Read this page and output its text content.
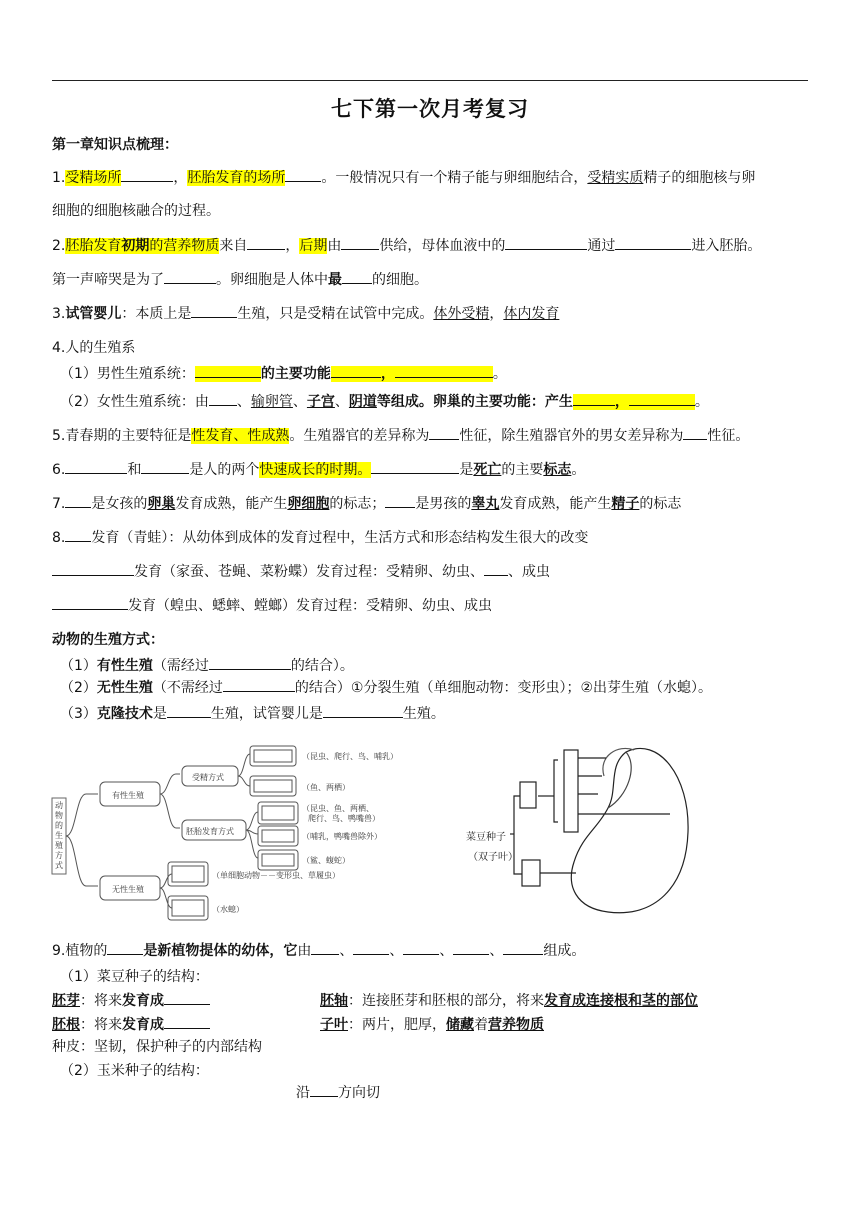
七下第一次月考复习
第一章知识点梳理：
1.受精场所	，胚胎发育的场所	。一般情况只有一个精子能与卵细胞结合，受精实质精子的细胞核与卵
细胞的细胞核融合的过程。
2.胚胎发育初期的营养物质来自	，后期由	供给，母体血液中的	通过	进入胚胎。
第一声啼哭是为了	。卵细胞是人体中最 的细胞。
3.试管婴儿：本质上是	生殖，只是受精在试管中完成。体外受精，体内发育
4.人的生殖系
（1）男性生殖系统：	的主要功能	，	。
（2）女性生殖系统：由 、输卵管、子宫、阴道等组成。卵巢的主要功能：产生	，	。
5.青春期的主要特征是性发育、性成熟。生殖器官的差异称为 性征，除生殖器官外的男女差异称为 性征。
6.	和	是人的两个快速成长的时期。	是死亡的主要标志。
7. 是女孩的卵巢发育成熟，能产生卵细胞的标志； 是男孩的睾丸发育成熟，能产生精子的标志
8. 发育（青蛙）：从幼体到成体的发育过程中，生活方式和形态结构发生很大的改变
发育（家蚕、苍蝇、菜粉蝶）发育过程：受精卵、幼虫、 、成虫
发育（蝗虫、蟋蟀、螳螂）发育过程：受精卵、幼虫、成虫
动物的生殖方式：
（1）有性生殖（需经过	的结合）。
（2）无性生殖（不需经过	的结合）①分裂生殖（单细胞动物：变形虫）；②出芽生殖（水螅）。
（3）克隆技术是	生殖，试管婴儿是	生殖。
动
物
的
生
殖
方
式
有性生殖
无性生殖
受精方式
胚胎发育方式
（昆虫、爬行、鸟、哺乳）
（鱼、两栖）
（昆虫、鱼、两栖、
爬行、鸟、鸭嘴兽）
（哺乳，鸭嘴兽除外）
（鲨、蝮蛇）
（单细胞动物－－变形虫、草履虫）
（水螅）
菜豆种子
（双子叶）
9.植物的	是新植物提体的幼体，它由 、	、	、	、	组成。
（1）菜豆种子的结构：
胚芽：将来发育成	胚轴：连接胚芽和胚根的部分，将来发育成连接根和茎的部位
胚根：将来发育成	子叶：两片，肥厚，储藏着营养物质
种皮：坚韧，保护种子的内部结构
（2）玉米种子的结构：
沿 方向切
